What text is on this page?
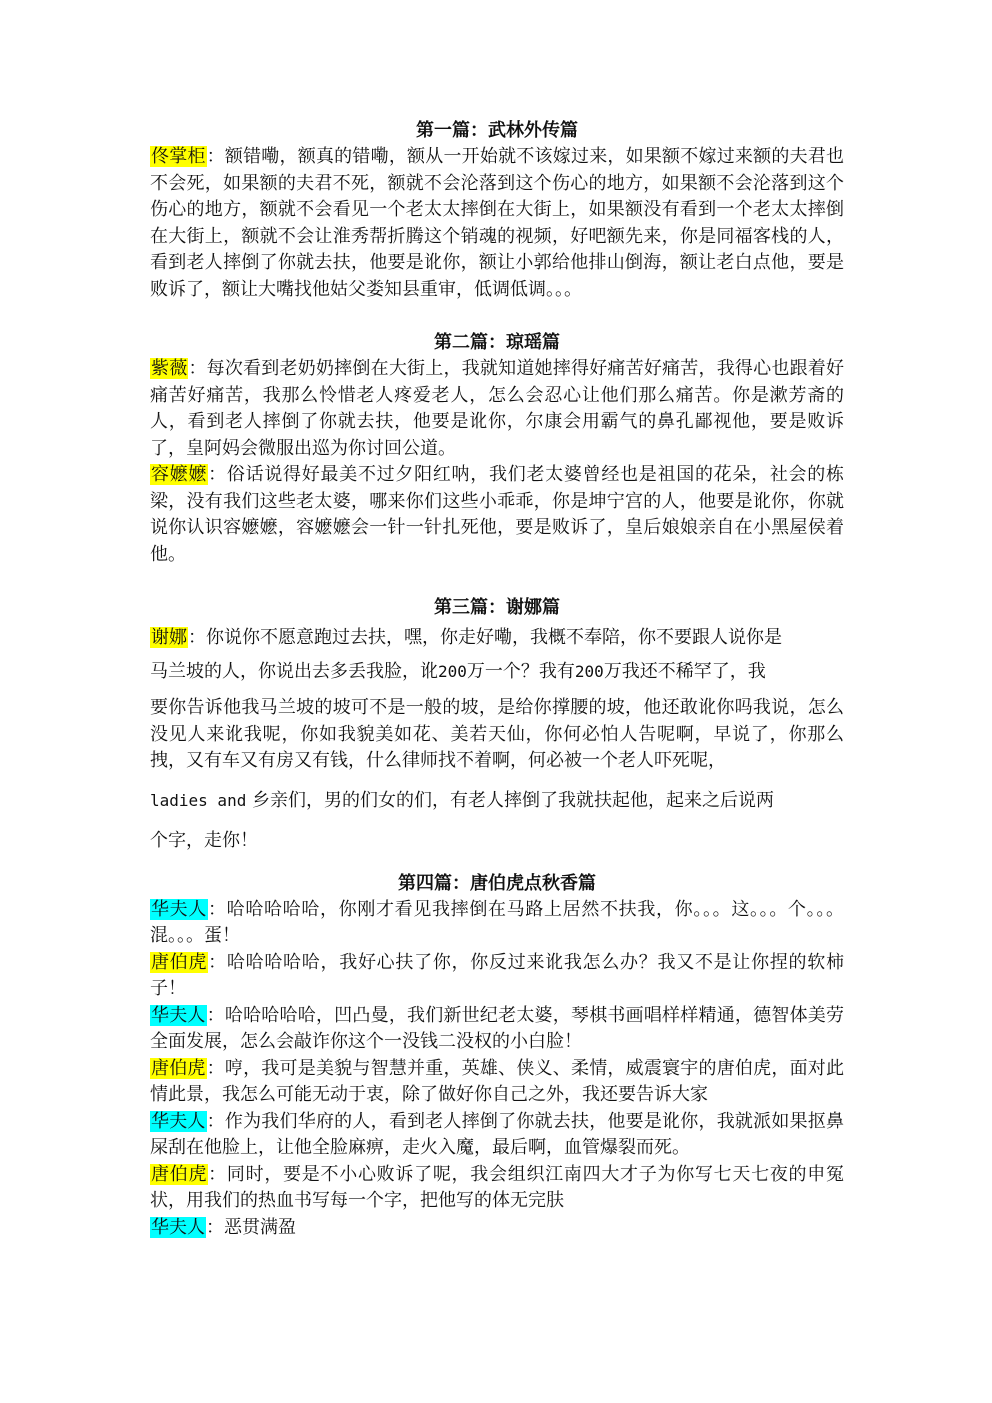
第一篇：武林外传篇

佟掌柜：额错嘞，额真的错嘞，额从一开始就不该嫁过来，如果额不嫁过来额的夫君也不会死，如果额的夫君不死，额就不会沦落到这个伤心的地方，如果额不会沦落到这个伤心的地方，额就不会看见一个老太太摔倒在大街上，如果额没有看到一个老太太摔倒在大街上，额就不会让淮秀帮折腾这个销魂的视频，好吧额先来，你是同福客栈的人，看到老人摔倒了你就去扶，他要是讹你，额让小郭给他排山倒海，额让老白点他，要是败诉了，额让大嘴找他姑父娄知县重审，低调低调。。。

第二篇：琼瑶篇

紫薇：每次看到老奶奶摔倒在大街上，我就知道她摔得好痛苦好痛苦，我得心也跟着好痛苦好痛苦，我那么怜惜老人疼爱老人，怎么会忍心让他们那么痛苦。你是漱芳斋的人，看到老人摔倒了你就去扶，他要是讹你，尔康会用霸气的鼻孔鄙视他，要是败诉了，皇阿妈会微服出巡为你讨回公道。

容嬷嬷：俗话说得好最美不过夕阳红呐，我们老太婆曾经也是祖国的花朵，社会的栋梁，没有我们这些老太婆，哪来你们这些小乖乖，你是坤宁宫的人，他要是讹你，你就说你认识容嬷嬷，容嬷嬷会一针一针扎死他，要是败诉了，皇后娘娘亲自在小黑屋侯着他。

第三篇：谢娜篇

谢娜：你说你不愿意跑过去扶，嘿，你走好嘞，我概不奉陪，你不要跟人说你是

马兰坡的人，你说出去多丢我脸，讹200万一个？我有200万我还不稀罕了，我

要你告诉他我马兰坡的坡可不是一般的坡，是给你撑腰的坡，他还敢讹你吗我说，怎么没见人来讹我呢，你如我貌美如花、美若天仙，你何必怕人告呢啊，早说了，你那么拽，又有车又有房又有钱，什么律师找不着啊，何必被一个老人吓死呢，

ladies and 乡亲们，男的们女的们，有老人摔倒了我就扶起他，起来之后说两

个字，走你！

第四篇：唐伯虎点秋香篇

华夫人：哈哈哈哈哈，你刚才看见我摔倒在马路上居然不扶我，你。。。这。。。个。。。混。。。蛋！

唐伯虎：哈哈哈哈哈，我好心扶了你，你反过来讹我怎么办？我又不是让你捏的软柿子！

华夫人：哈哈哈哈哈，凹凸曼，我们新世纪老太婆，琴棋书画唱样样精通，德智体美劳全面发展，怎么会敲诈你这个一没钱二没权的小白脸！

唐伯虎：哼，我可是美貌与智慧并重，英雄、侠义、柔情，威震寰宇的唐伯虎，面对此情此景，我怎么可能无动于衷，除了做好你自己之外，我还要告诉大家

华夫人：作为我们华府的人，看到老人摔倒了你就去扶，他要是讹你，我就派如果抠鼻屎刮在他脸上，让他全脸麻痹，走火入魔，最后啊，血管爆裂而死。

唐伯虎：同时，要是不小心败诉了呢，我会组织江南四大才子为你写七天七夜的申冤状，用我们的热血书写每一个字，把他写的体无完肤

华夫人：恶贯满盈
